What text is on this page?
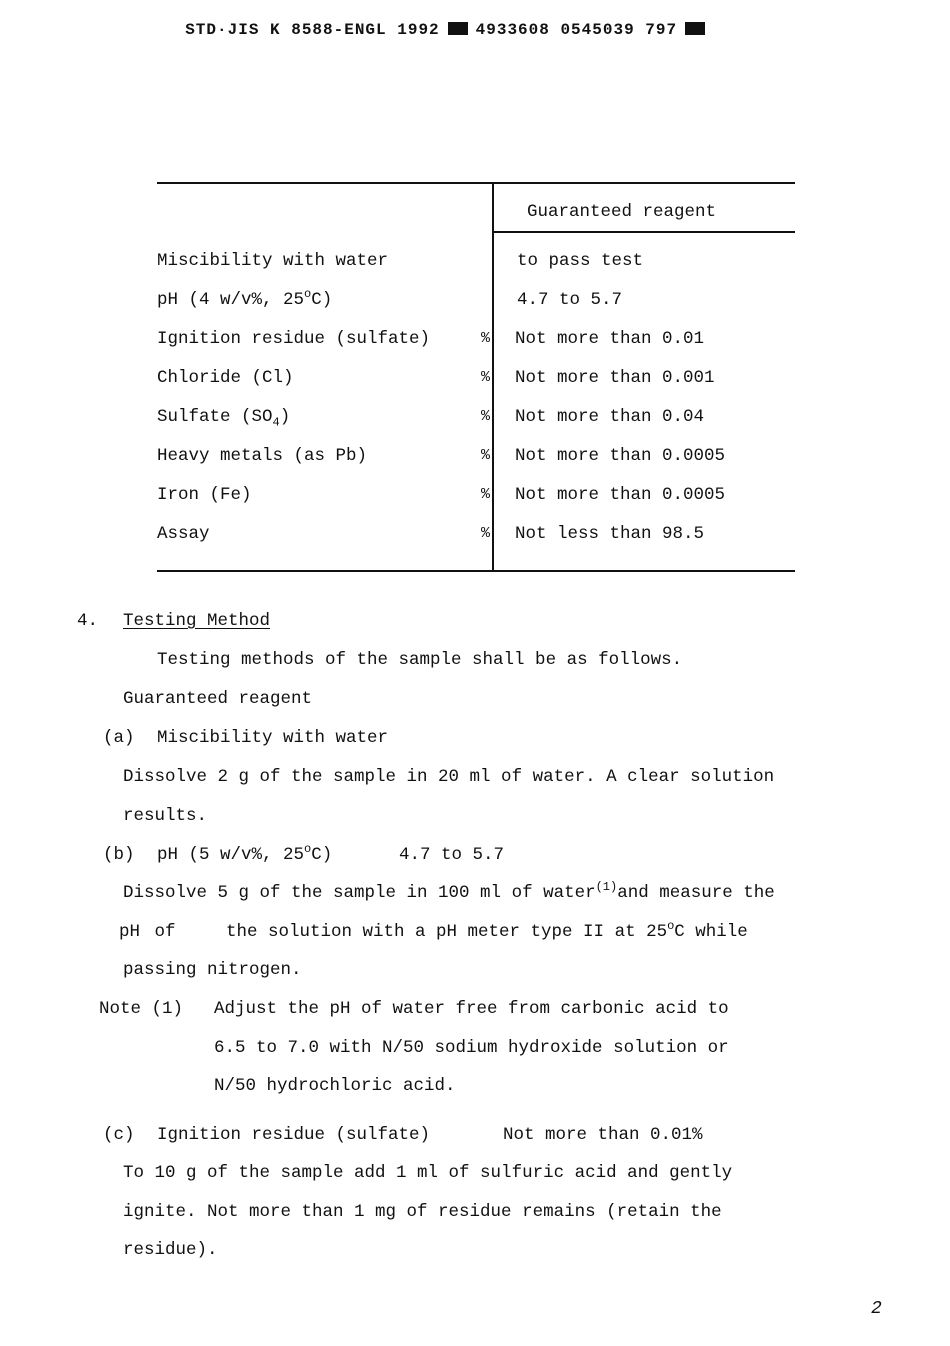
STD·JIS K 8588-ENGL 1992 4933608 0545039 797

Guaranteed reagent
Miscibility with water	to pass test
pH (4 w/v%, 25$^o$C)	4.7 to 5.7
Ignition residue (sulfate)	% Not more than 0.01
Chloride (Cl)	% Not more than 0.001
Sulfate $(SO_4)$	% Not more than 0.04
Heavy metals (as Pb)	% Not more than 0.0005
Iron (Fe)	% Not more than 0.0005
Assay	% Not less than 98.5
4. Testing Method
Testing methods of the sample shall be as follows.
Guaranteed reagent
(a) Miscibility with water
Dissolve 2 g of the sample in 20 ml of water. A clear solution
results.
(b) pH (5 w/v%, 25$^o$C)	4.7 to 5.7
Dissolve 5 g of the sample in 100 ml of water$^{(1)}$and measure the
pH of	the solution with a pH meter type II at 25$^o$C while
passing nitrogen.
Note (1) Adjust the pH of water free from carbonic acid to
6.5 to 7.0 with N/50 sodium hydroxide solution or
N/50 hydrochloric acid.
(c) Ignition residue (sulfate)	Not more than 0.01%
To 10 g of the sample add 1 ml of sulfuric acid and gently
ignite. Not more than 1 mg of residue remains (retain the
residue).
2
